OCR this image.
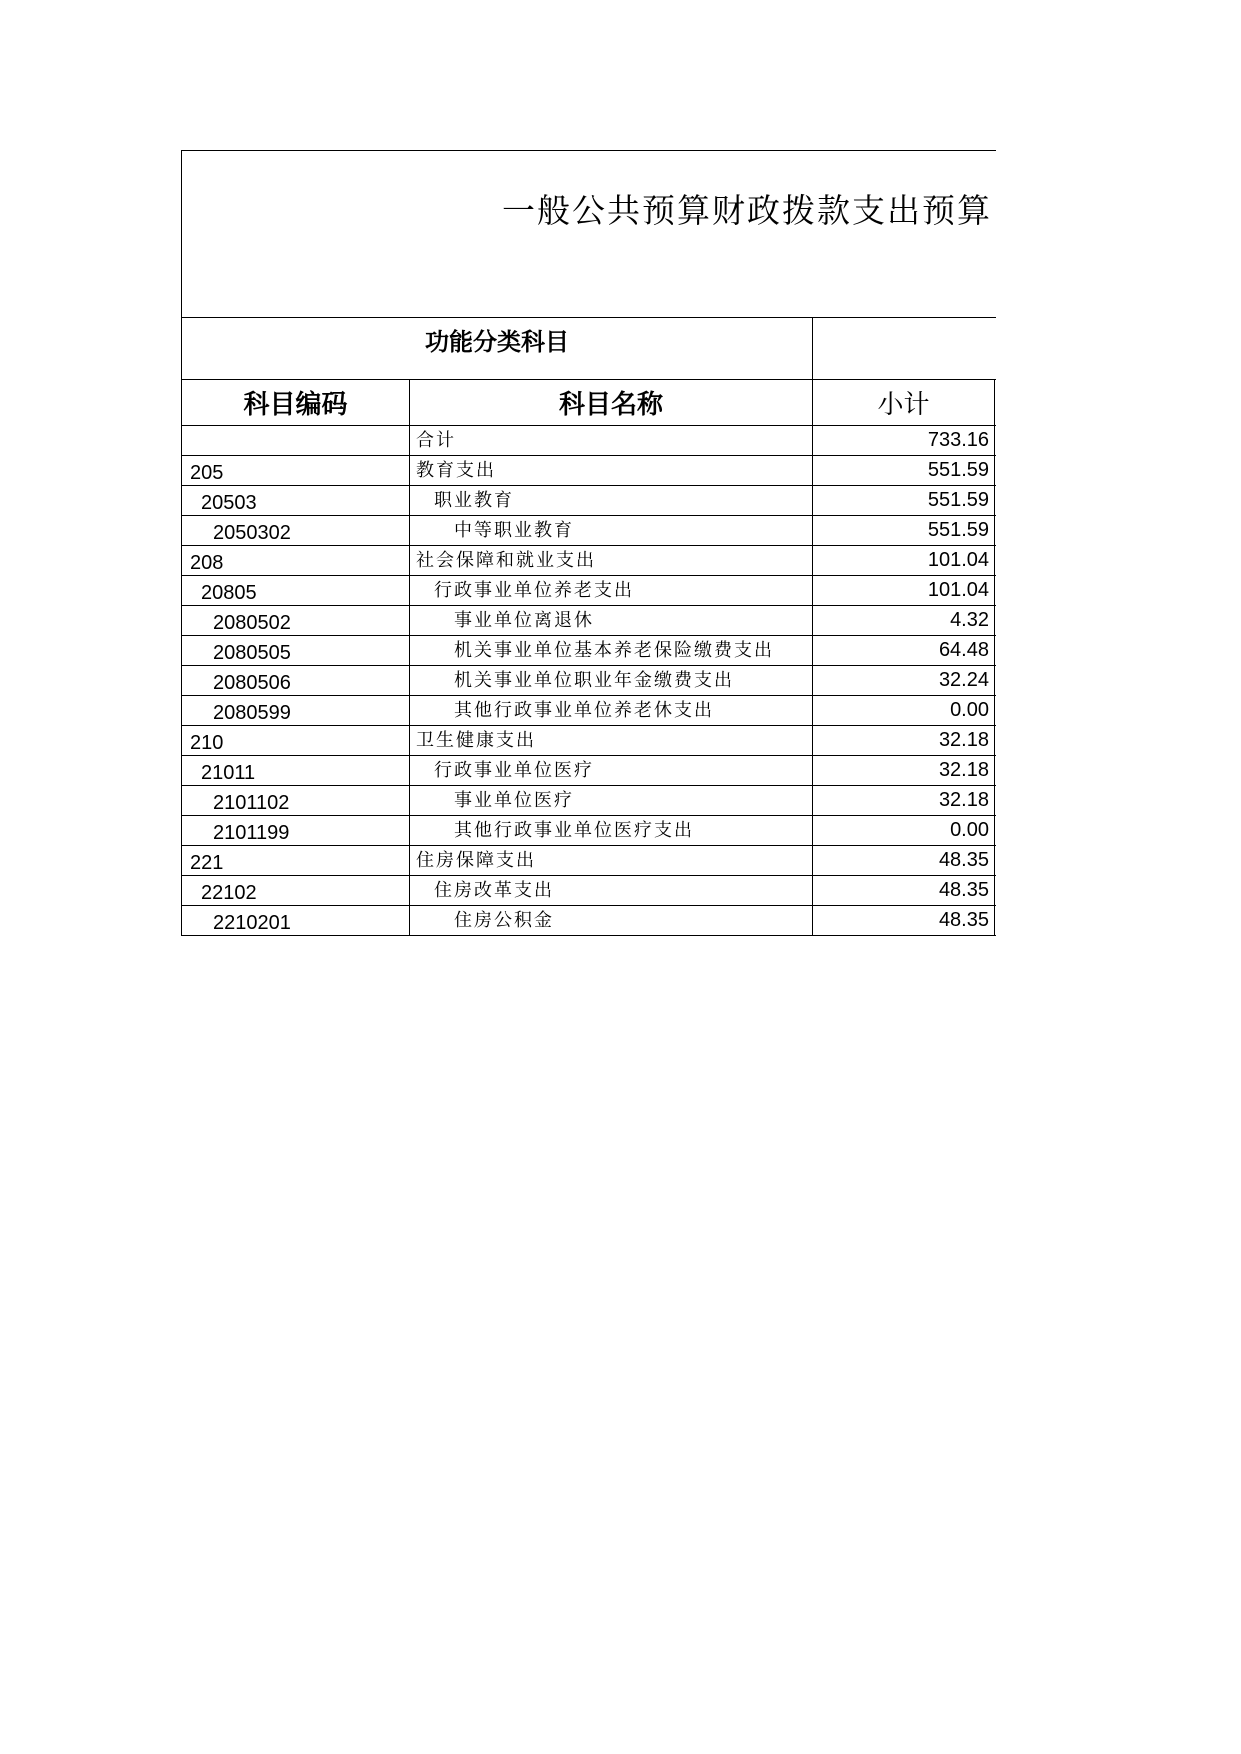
一般公共预算财政拨款支出预算
功能分类科目			
科目编码	科目名称	小计	
	合计	733.16	
205	教育支出	551.59	
20503	职业教育	551.59	
2050302	中等职业教育	551.59	
208	社会保障和就业支出	101.04	
20805	行政事业单位养老支出	101.04	
2080502	事业单位离退休	4.32	
2080505	机关事业单位基本养老保险缴费支出	64.48	
2080506	机关事业单位职业年金缴费支出	32.24	
2080599	其他行政事业单位养老休支出	0.00	
210	卫生健康支出	32.18	
21011	行政事业单位医疗	32.18	
2101102	事业单位医疗	32.18	
2101199	其他行政事业单位医疗支出	0.00	
221	住房保障支出	48.35	
22102	住房改革支出	48.35	
2210201	住房公积金	48.35	
